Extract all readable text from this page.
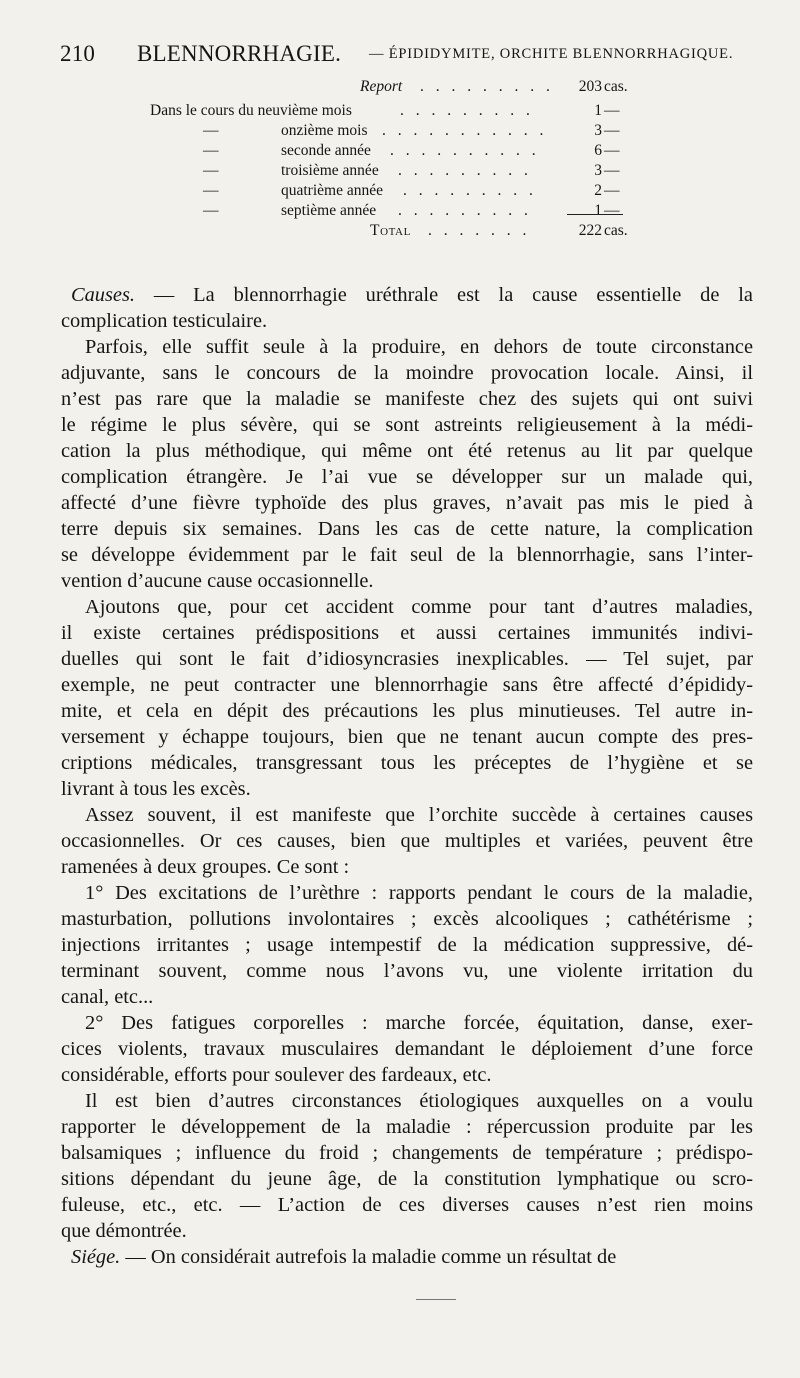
210 BLENNORRHAGIE. — ÉPIDIDYMITE, ORCHITE BLENNORRHAGIQUE.
Report . . . . . . . . .	203 cas.
Dans le cours du neuvième mois	. . . . . . . . .	1 —
—	onzième mois . . . . . . . . . . .	3 —
—	seconde année . . . . . . . . . .	6 —
—	troisième année . . . . . . . . .	3 —
—	quatrième année . . . . . . . . .	2 —
—	septième année . . . . . . . . .	1 —
Total . . . . . . .	222 cas.
Causes. — La blennorrhagie uréthrale est la cause essentielle de la
complication testiculaire.
Parfois, elle suffit seule à la produire, en dehors de toute circonstance
adjuvante, sans le concours de la moindre provocation locale. Ainsi, il
n’est pas rare que la maladie se manifeste chez des sujets qui ont suivi
le régime le plus sévère, qui se sont astreints religieusement à la médi-
cation la plus méthodique, qui même ont été retenus au lit par quelque
complication étrangère. Je l’ai vue se développer sur un malade qui,
affecté d’une fièvre typhoïde des plus graves, n’avait pas mis le pied à
terre depuis six semaines. Dans les cas de cette nature, la complication
se développe évidemment par le fait seul de la blennorrhagie, sans l’inter-
vention d’aucune cause occasionnelle.
Ajoutons que, pour cet accident comme pour tant d’autres maladies,
il existe certaines prédispositions et aussi certaines immunités indivi-
duelles qui sont le fait d’idiosyncrasies inexplicables. — Tel sujet, par
exemple, ne peut contracter une blennorrhagie sans être affecté d’épididy-
mite, et cela en dépit des précautions les plus minutieuses. Tel autre in-
versement y échappe toujours, bien que ne tenant aucun compte des pres-
criptions médicales, transgressant tous les préceptes de l’hygiène et se
livrant à tous les excès.
Assez souvent, il est manifeste que l’orchite succède à certaines causes
occasionnelles. Or ces causes, bien que multiples et variées, peuvent être
ramenées à deux groupes. Ce sont :
1° Des excitations de l’urèthre : rapports pendant le cours de la maladie,
masturbation, pollutions involontaires ; excès alcooliques ; cathétérisme ;
injections irritantes ; usage intempestif de la médication suppressive, dé-
terminant souvent, comme nous l’avons vu, une violente irritation du
canal, etc...
2° Des fatigues corporelles : marche forcée, équitation, danse, exer-
cices violents, travaux musculaires demandant le déploiement d’une force
considérable, efforts pour soulever des fardeaux, etc.
Il est bien d’autres circonstances étiologiques auxquelles on a voulu
rapporter le développement de la maladie : répercussion produite par les
balsamiques ; influence du froid ; changements de température ; prédispo-
sitions dépendant du jeune âge, de la constitution lymphatique ou scro-
fuleuse, etc., etc. — L’action de ces diverses causes n’est rien moins
que démontrée.
Siége. — On considérait autrefois la maladie comme un résultat de
